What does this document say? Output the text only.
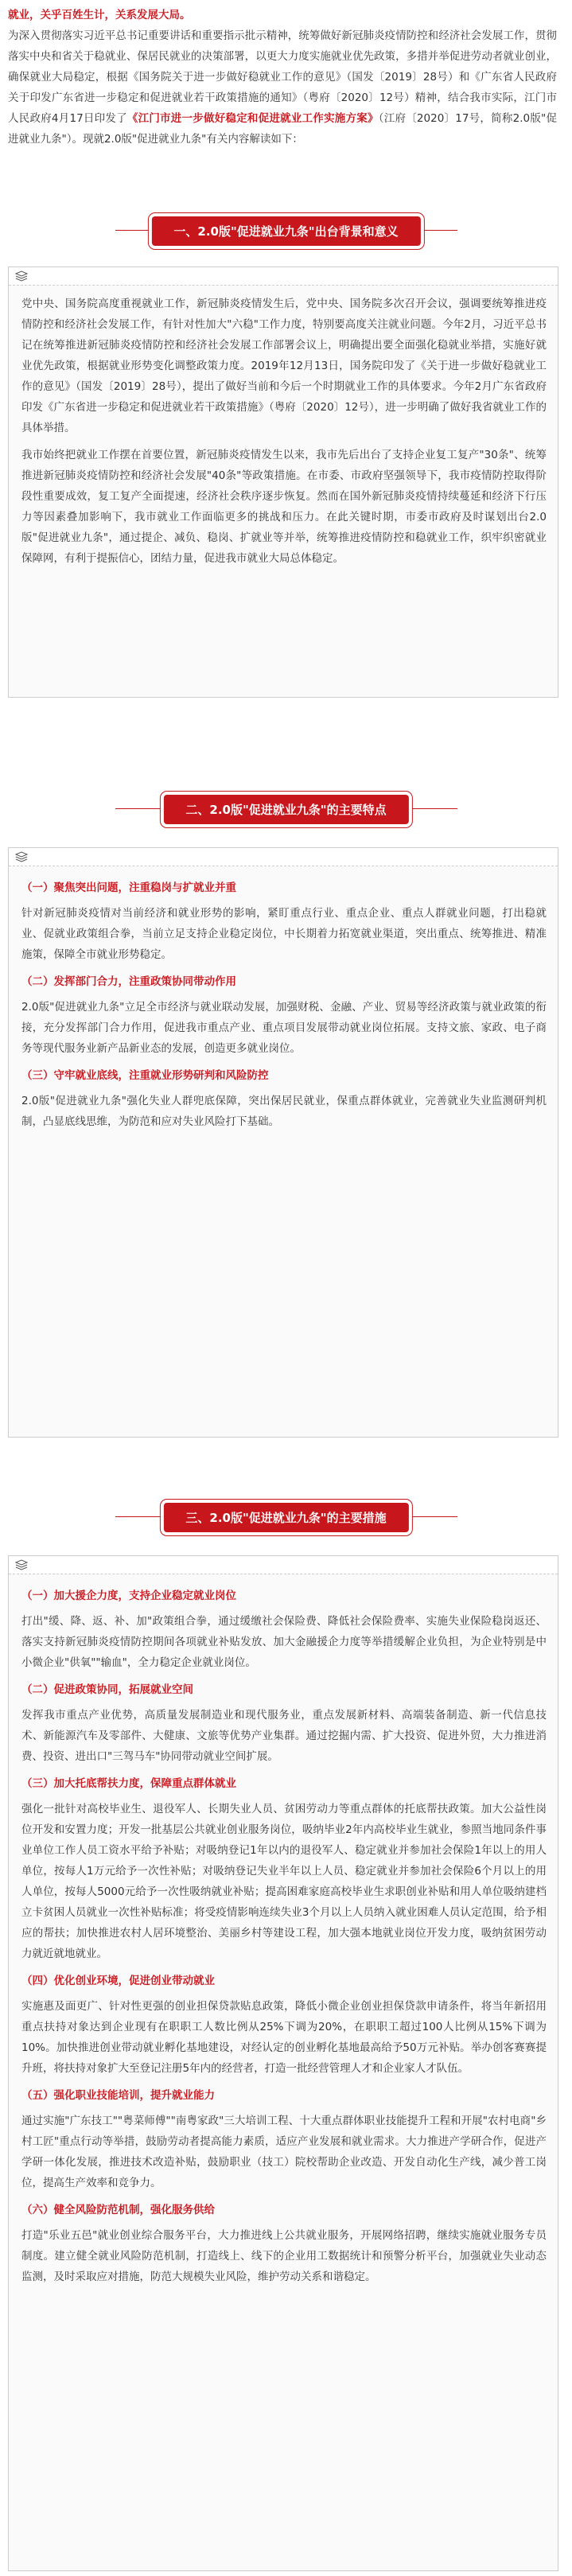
就业，关乎百姓生计，关系发展大局。
为深入贯彻落实习近平总书记重要讲话和重要指示批示精神，统筹做好新冠肺炎疫情防控和经济社会发展工作，贯彻落实中央和省关于稳就业、保居民就业的决策部署，以更大力度实施就业优先政策，多措并举促进劳动者就业创业，确保就业大局稳定，根据《国务院关于进一步做好稳就业工作的意见》（国发〔2019〕28号）和《广东省人民政府关于印发广东省进一步稳定和促进就业若干政策措施的通知》（粤府〔2020〕12号）精神，结合我市实际，江门市人民政府4月17日印发了《江门市进一步做好稳定和促进就业工作实施方案》（江府〔2020〕17号，简称2.0版"促进就业九条"）。现就2.0版"促进就业九条"有关内容解读如下：
一、2.0版"促进就业九条"出台背景和意义

党中央、国务院高度重视就业工作，新冠肺炎疫情发生后，党中央、国务院多次召开会议，强调要统筹推进疫情防控和经济社会发展工作，有针对性加大"六稳"工作力度，特别要高度关注就业问题。今年2月，习近平总书记在统筹推进新冠肺炎疫情防控和经济社会发展工作部署会议上，明确提出要全面强化稳就业举措，实施好就业优先政策，根据就业形势变化调整政策力度。2019年12月13日，国务院印发了《关于进一步做好稳就业工作的意见》（国发〔2019〕28号），提出了做好当前和今后一个时期就业工作的具体要求。今年2月广东省政府印发《广东省进一步稳定和促进就业若干政策措施》（粤府〔2020〕12号），进一步明确了做好我省就业工作的具体举措。

我市始终把就业工作摆在首要位置，新冠肺炎疫情发生以来，我市先后出台了支持企业复工复产"30条"、统筹推进新冠肺炎疫情防控和经济社会发展"40条"等政策措施。在市委、市政府坚强领导下，我市疫情防控取得阶段性重要成效，复工复产全面提速，经济社会秩序逐步恢复。然而在国外新冠肺炎疫情持续蔓延和经济下行压力等因素叠加影响下，我市就业工作面临更多的挑战和压力。在此关键时期，市委市政府及时谋划出台2.0版"促进就业九条"，通过提企、减负、稳岗、扩就业等并举，统筹推进疫情防控和稳就业工作，织牢织密就业保障网，有利于提振信心，团结力量，促进我市就业大局总体稳定。

二、2.0版"促进就业九条"的主要特点
（一）聚焦突出问题，注重稳岗与扩就业并重

针对新冠肺炎疫情对当前经济和就业形势的影响，紧盯重点行业、重点企业、重点人群就业问题，打出稳就业、促就业政策组合拳，当前立足支持企业稳定岗位，中长期着力拓宽就业渠道，突出重点、统筹推进、精准施策，保障全市就业形势稳定。

（二）发挥部门合力，注重政策协同带动作用

2.0版"促进就业九条"立足全市经济与就业联动发展，加强财税、金融、产业、贸易等经济政策与就业政策的衔接，充分发挥部门合力作用，促进我市重点产业、重点项目发展带动就业岗位拓展。支持文旅、家政、电子商务等现代服务业新产品新业态的发展，创造更多就业岗位。

（三）守牢就业底线，注重就业形势研判和风险防控

2.0版"促进就业九条"强化失业人群兜底保障，突出保居民就业，保重点群体就业，完善就业失业监测研判机制，凸显底线思维，为防范和应对失业风险打下基础。

三、2.0版"促进就业九条"的主要措施
（一）加大援企力度，支持企业稳定就业岗位

打出"缓、降、返、补、加"政策组合拳，通过缓缴社会保险费、降低社会保险费率、实施失业保险稳岗返还、落实支持新冠肺炎疫情防控期间各项就业补贴发放、加大金融援企力度等举措缓解企业负担，为企业特别是中小微企业"供氧""输血"，全力稳定企业就业岗位。

（二）促进政策协同，拓展就业空间

发挥我市重点产业优势，高质量发展制造业和现代服务业，重点发展新材料、高端装备制造、新一代信息技术、新能源汽车及零部件、大健康、文旅等优势产业集群。通过挖掘内需、扩大投资、促进外贸，大力推进消费、投资、进出口"三驾马车"协同带动就业空间扩展。

（三）加大托底帮扶力度，保障重点群体就业

强化一批针对高校毕业生、退役军人、长期失业人员、贫困劳动力等重点群体的托底帮扶政策。加大公益性岗位开发和安置力度；开发一批基层公共就业创业服务岗位，吸纳毕业2年内高校毕业生就业，参照当地同条件事业单位工作人员工资水平给予补贴；对吸纳登记1年以内的退役军人、稳定就业并参加社会保险1年以上的用人单位，按每人1万元给予一次性补贴；对吸纳登记失业半年以上人员、稳定就业并参加社会保险6个月以上的用人单位，按每人5000元给予一次性吸纳就业补贴；提高困难家庭高校毕业生求职创业补贴和用人单位吸纳建档立卡贫困人员就业一次性补贴标准；将受疫情影响连续失业3个月以上人员纳入就业困难人员认定范围，给予相应的帮扶；加快推进农村人居环境整治、美丽乡村等建设工程，加大强本地就业岗位开发力度，吸纳贫困劳动力就近就地就业。

（四）优化创业环境，促进创业带动就业

实施惠及面更广、针对性更强的创业担保贷款贴息政策，降低小微企业创业担保贷款申请条件，将当年新招用重点扶持对象达到企业现有在职职工人数比例从25%下调为20%，在职职工超过100人比例从15%下调为10%。加快推进创业带动就业孵化基地建设，对经认定的创业孵化基地最高给予50万元补贴。举办创客赛赛提升班，将扶持对象扩大至登记注册5年内的经营者，打造一批经营管理人才和企业家人才队伍。

（五）强化职业技能培训，提升就业能力

通过实施"广东技工""粤菜师傅""南粤家政"三大培训工程、十大重点群体职业技能提升工程和开展"农村电商"乡村工匠"重点行动等举措，鼓励劳动者提高能力素质，适应产业发展和就业需求。大力推进产学研合作，促进产学研一体化发展，推进技术改造补贴，鼓励职业（技工）院校帮助企业改造、开发自动化生产线，减少普工岗位，提高生产效率和竞争力。

（六）健全风险防范机制，强化服务供给

打造"乐业五邑"就业创业综合服务平台，大力推进线上公共就业服务，开展网络招聘，继续实施就业服务专员制度。建立健全就业风险防范机制，打造线上、线下的企业用工数据统计和预警分析平台，加强就业失业动态监测，及时采取应对措施，防范大规模失业风险，维护劳动关系和谐稳定。
